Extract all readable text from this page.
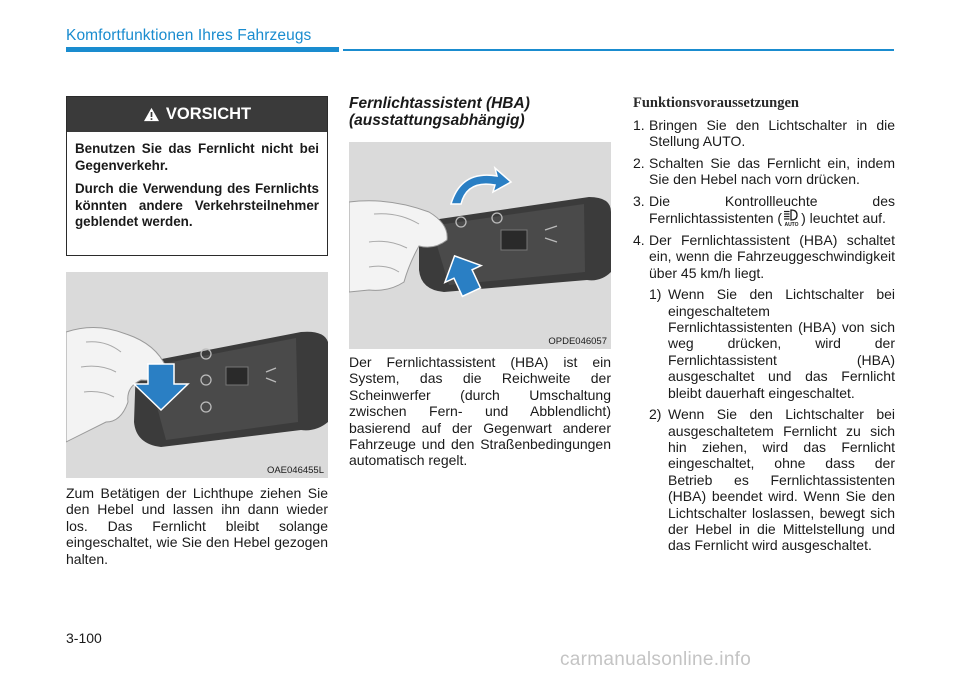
Komfortfunktionen Ihres Fahrzeugs
VORSICHT

Benutzen Sie das Fernlicht nicht bei Gegenverkehr.

Durch die Verwendung des Fernlichts könnten andere Verkehrsteilnehmer geblendet werden.

OAE046455L
Zum Betätigen der Lichthupe ziehen Sie den Hebel und lassen ihn dann wieder los. Das Fernlicht bleibt solange eingeschaltet, wie Sie den Hebel gezogen halten.
Fernlichtassistent (HBA)
(ausstattungsabhängig)
OPDE046057
Der Fernlichtassistent (HBA) ist ein System, das die Reichweite der Scheinwerfer (durch Umschaltung zwischen Fern- und Abblendlicht) basierend auf der Gegenwart anderer Fahrzeuge und den Straßenbedingungen automatisch regelt.
Funktionsvoraussetzungen
1. Bringen Sie den Lichtschalter in die Stellung AUTO.
2. Schalten Sie das Fernlicht ein, indem Sie den Hebel nach vorn drücken.
3. Die Kontrollleuchte des Fernlichtassistenten ( AUTO ) leuchtet auf.
4. Der Fernlichtassistent (HBA) schaltet ein, wenn die Fahrzeuggeschwindigkeit über 45 km/h liegt.
1) Wenn Sie den Lichtschalter bei eingeschaltetem Fernlichtassistenten (HBA) von sich weg drücken, wird der Fernlichtassistent (HBA) ausgeschaltet und das Fernlicht bleibt dauerhaft eingeschaltet.
2) Wenn Sie den Lichtschalter bei ausgeschaltetem Fernlicht zu sich hin ziehen, wird das Fernlicht eingeschaltet, ohne dass der Betrieb es Fernlichtassistenten (HBA) beendet wird. Wenn Sie den Lichtschalter loslassen, bewegt sich der Hebel in die Mittelstellung und das Fernlicht wird ausgeschaltet.
3-100
carmanualsonline.info
